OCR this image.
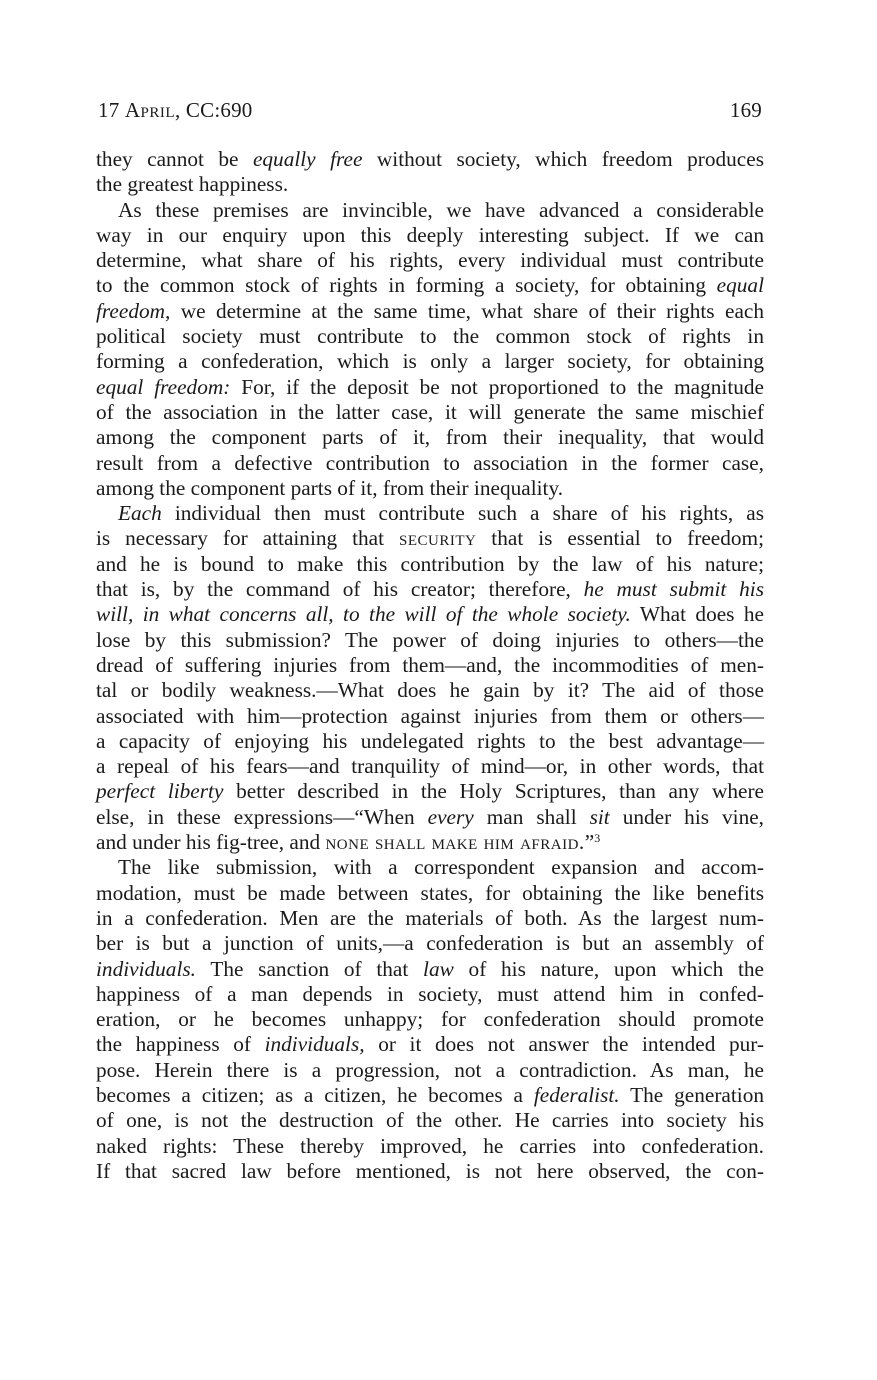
17 April, CC:690	169

they cannot be equally free without society, which freedom produces
the greatest happiness.

As these premises are invincible, we have advanced a considerable
way in our enquiry upon this deeply interesting subject. If we can
determine, what share of his rights, every individual must contribute
to the common stock of rights in forming a society, for obtaining equal
freedom, we determine at the same time, what share of their rights each
political society must contribute to the common stock of rights in
forming a confederation, which is only a larger society, for obtaining
equal freedom: For, if the deposit be not proportioned to the magnitude
of the association in the latter case, it will generate the same mischief
among the component parts of it, from their inequality, that would
result from a defective contribution to association in the former case,
among the component parts of it, from their inequality.

Each individual then must contribute such a share of his rights, as
is necessary for attaining that security that is essential to freedom;
and he is bound to make this contribution by the law of his nature;
that is, by the command of his creator; therefore, he must submit his
will, in what concerns all, to the will of the whole society. What does he
lose by this submission? The power of doing injuries to others—the
dread of suffering injuries from them—and, the incommodities of men-
tal or bodily weakness.—What does he gain by it? The aid of those
associated with him—protection against injuries from them or others—
a capacity of enjoying his undelegated rights to the best advantage—
a repeal of his fears—and tranquility of mind—or, in other words, that
perfect liberty better described in the Holy Scriptures, than any where
else, in these expressions—“When every man shall sit under his vine,
and under his fig-tree, and none shall make him afraid.”$^3$

The like submission, with a correspondent expansion and accom-
modation, must be made between states, for obtaining the like benefits
in a confederation. Men are the materials of both. As the largest num-
ber is but a junction of units,—a confederation is but an assembly of
individuals. The sanction of that law of his nature, upon which the
happiness of a man depends in society, must attend him in confed-
eration, or he becomes unhappy; for confederation should promote
the happiness of individuals, or it does not answer the intended pur-
pose. Herein there is a progression, not a contradiction. As man, he
becomes a citizen; as a citizen, he becomes a federalist. The generation
of one, is not the destruction of the other. He carries into society his
naked rights: These thereby improved, he carries into confederation.
If that sacred law before mentioned, is not here observed, the con-
